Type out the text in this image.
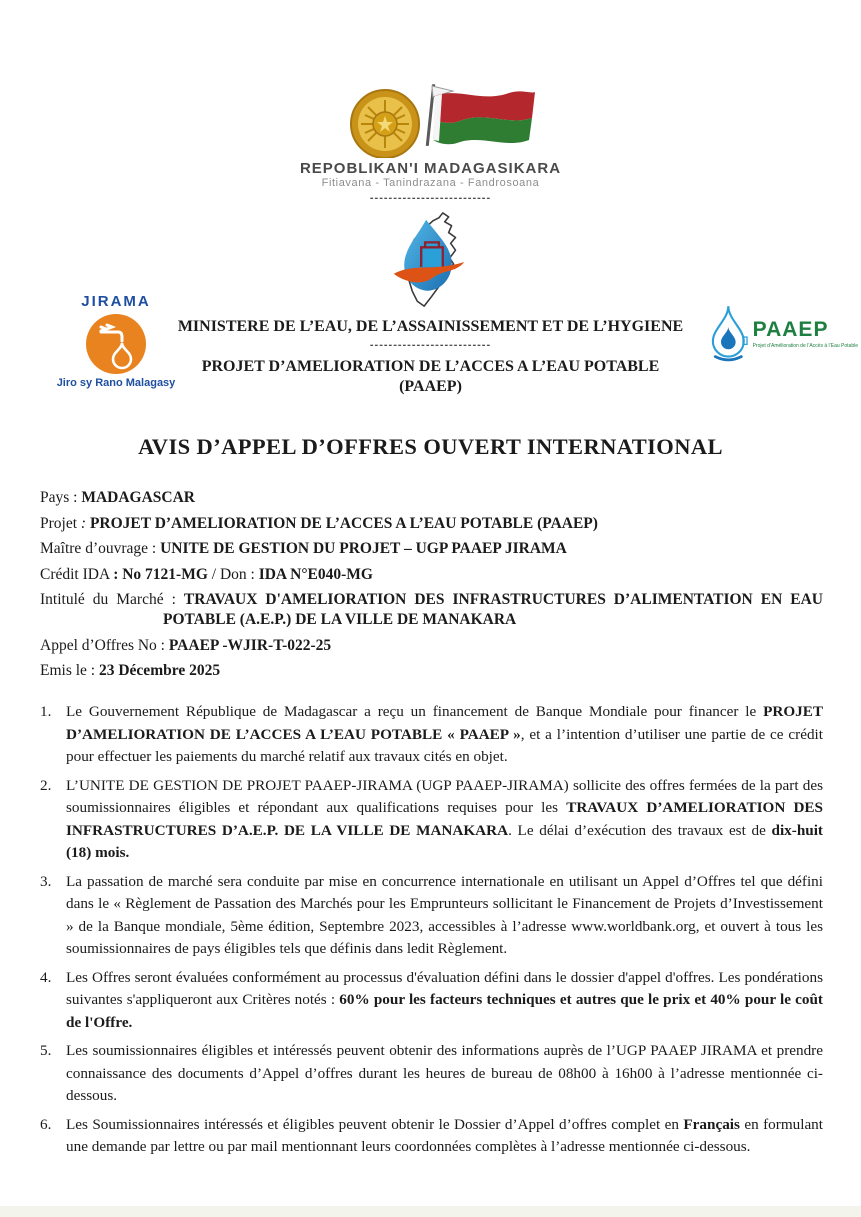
REPOBLIKAN'I MADAGASIKARA
Fitiavana - Tanindrazana - Fandrosoana
--------------------------
MINISTERE DE L’EAU, DE L’ASSAINISSEMENT ET DE L’HYGIENE
--------------------------
PROJET D’AMELIORATION DE L’ACCES A L’EAU POTABLE
(PAAEP)
JIRAMA
Jiro sy Rano Malagasy
PAAEP
Projet d’Amélioration de l’Accès à l’Eau Potable
AVIS D’APPEL D’OFFRES OUVERT INTERNATIONAL
Pays : MADAGASCAR
Projet : PROJET D’AMELIORATION DE L’ACCES A L’EAU POTABLE (PAAEP)
Maître d’ouvrage : UNITE DE GESTION DU PROJET – UGP PAAEP JIRAMA
Crédit IDA : No 7121-MG / Don : IDA N°E040-MG
Intitulé du Marché : TRAVAUX D'AMELIORATION DES INFRASTRUCTURES D’ALIMENTATION EN EAU POTABLE (A.E.P.) DE LA VILLE DE MANAKARA
Appel d’Offres No : PAAEP -WJIR-T-022-25
Emis le : 23 Décembre 2025
1. Le Gouvernement République de Madagascar a reçu un financement de Banque Mondiale pour financer le PROJET D’AMELIORATION DE L’ACCES A L’EAU POTABLE « PAAEP », et a l’intention d’utiliser une partie de ce crédit pour effectuer les paiements du marché relatif aux travaux cités en objet.
2. L’UNITE DE GESTION DE PROJET PAAEP-JIRAMA (UGP PAAEP-JIRAMA) sollicite des offres fermées de la part des soumissionnaires éligibles et répondant aux qualifications requises pour les TRAVAUX D’AMELIORATION DES INFRASTRUCTURES D’A.E.P. DE LA VILLE DE MANAKARA. Le délai d’exécution des travaux est de dix-huit (18) mois.
3. La passation de marché sera conduite par mise en concurrence internationale en utilisant un Appel d’Offres tel que défini dans le « Règlement de Passation des Marchés pour les Emprunteurs sollicitant le Financement de Projets d’Investissement » de la Banque mondiale, 5ème édition, Septembre 2023, accessibles à l’adresse www.worldbank.org, et ouvert à tous les soumissionnaires de pays éligibles tels que définis dans ledit Règlement.
4. Les Offres seront évaluées conformément au processus d'évaluation défini dans le dossier d'appel d'offres. Les pondérations suivantes s'appliqueront aux Critères notés : 60% pour les facteurs techniques et autres que le prix et 40% pour le coût de l'Offre.
5. Les soumissionnaires éligibles et intéressés peuvent obtenir des informations auprès de l’UGP PAAEP JIRAMA et prendre connaissance des documents d’Appel d’offres durant les heures de bureau de 08h00 à 16h00 à l’adresse mentionnée ci-dessous.
6. Les Soumissionnaires intéressés et éligibles peuvent obtenir le Dossier d’Appel d’offres complet en Français en formulant une demande par lettre ou par mail mentionnant leurs coordonnées complètes à l’adresse mentionnée ci-dessous.
